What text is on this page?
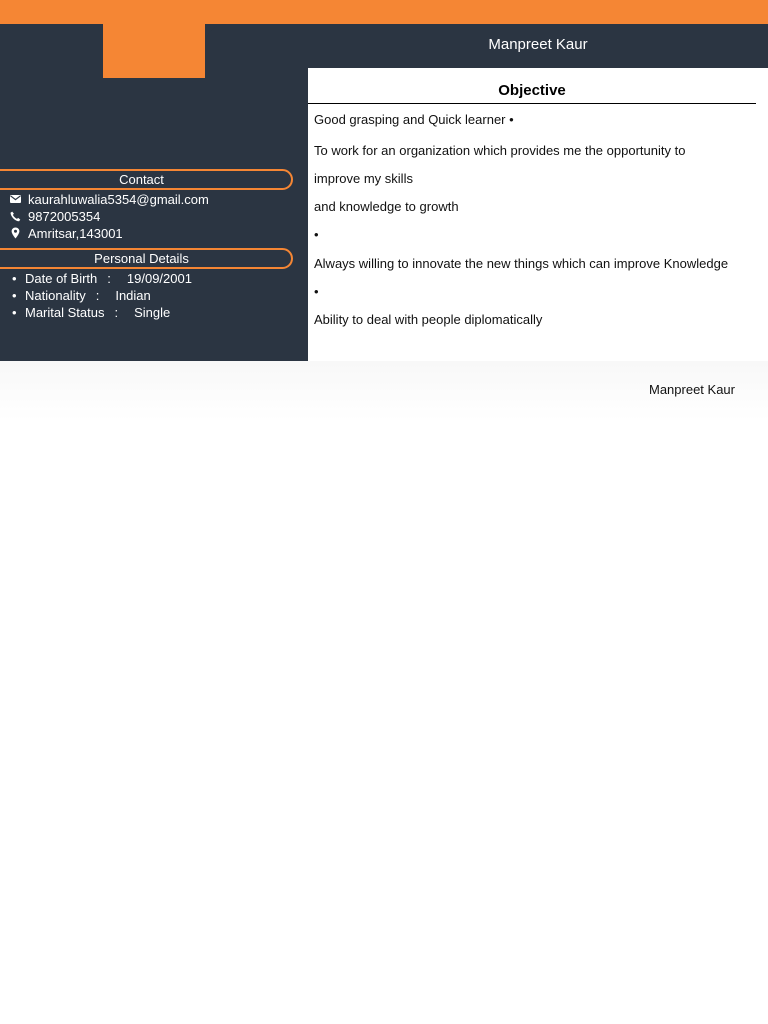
Manpreet Kaur
Objective
Good grasping and Quick learner •
To work for an organization which provides me the opportunity to
improve my skills
and knowledge to growth
•
Always willing to innovate the new things which can improve Knowledge
•
Ability to deal with people diplomatically
Contact
kaurahluwalia5354@gmail.com
9872005354
Amritsar,143001
Personal Details
• Date of Birth : 19/09/2001
• Nationality : Indian
• Marital Status : Single
Manpreet Kaur
